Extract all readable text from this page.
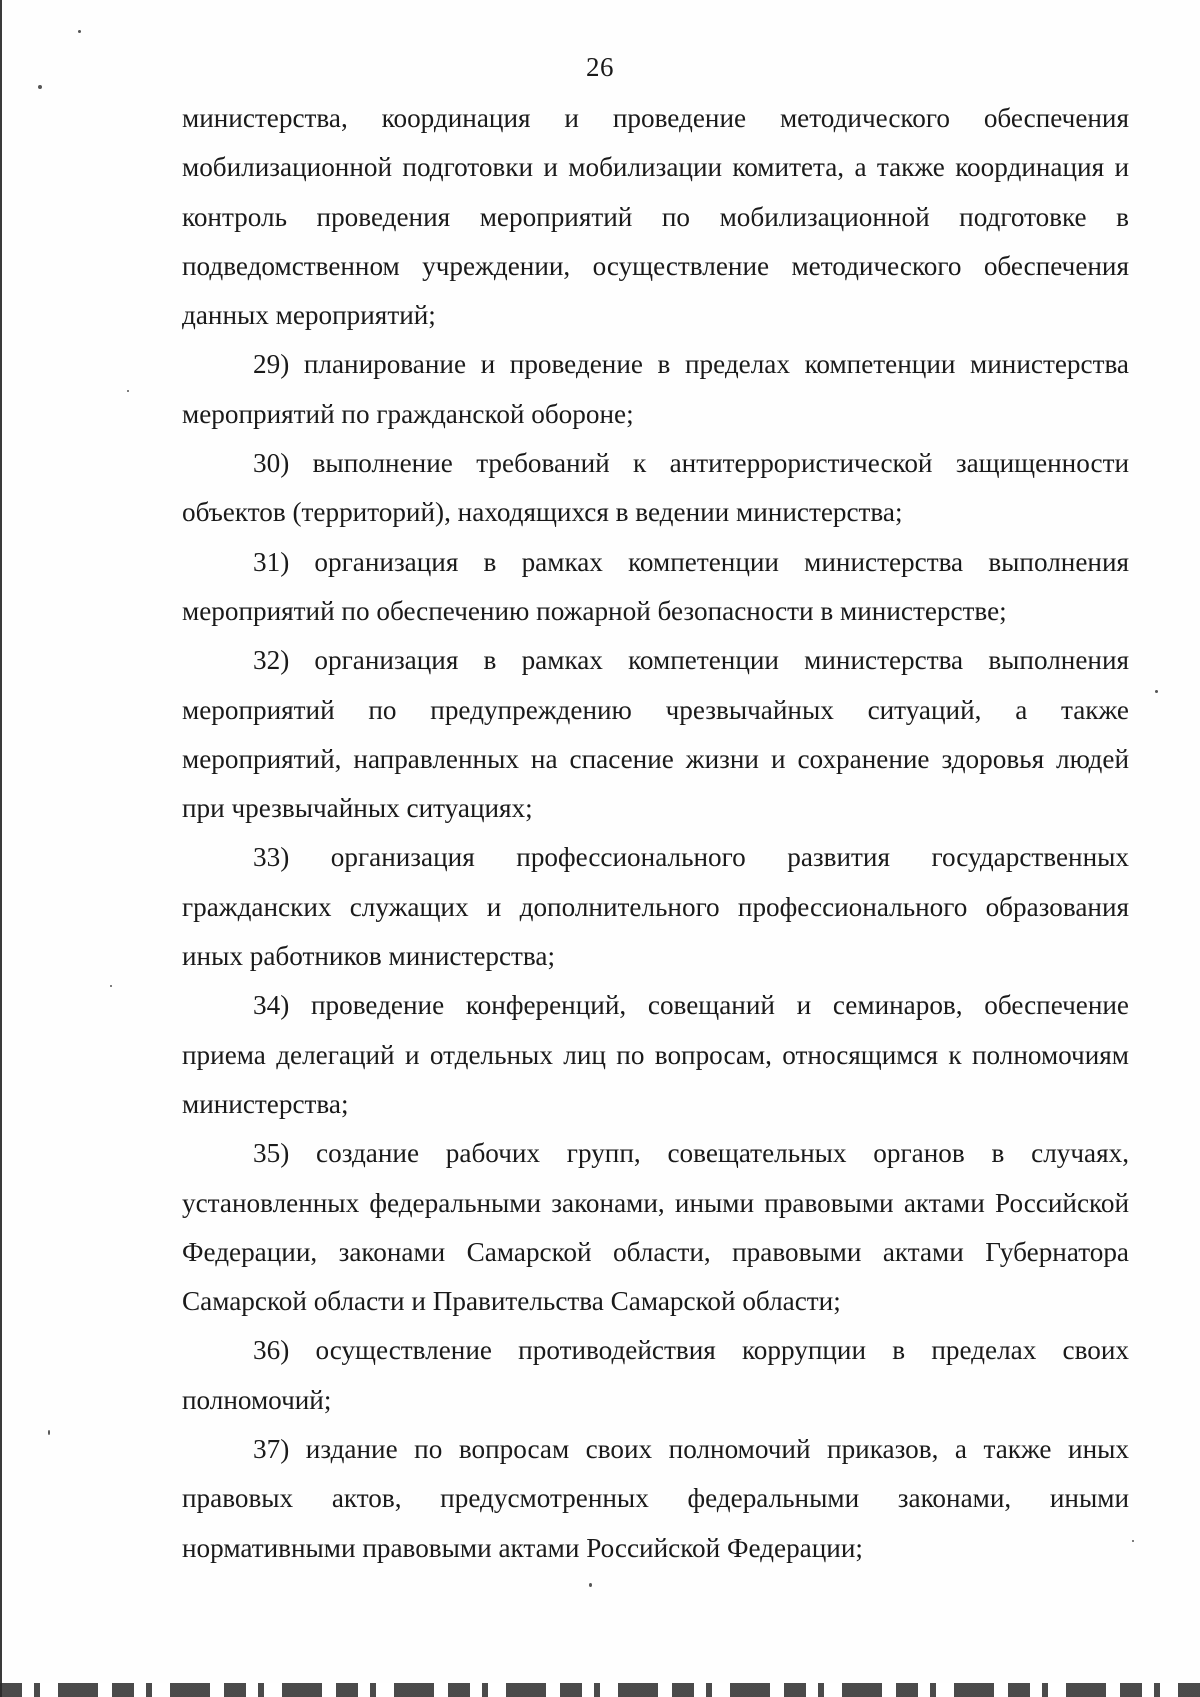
26

министерства, координация и проведение методического обеспечения мобилизационной подготовки и мобилизации комитета, а также координация и контроль проведения мероприятий по мобилизационной подготовке в подведомственном учреждении, осуществление методического обеспечения данных мероприятий;

29) планирование и проведение в пределах компетенции министерства мероприятий по гражданской обороне;

30) выполнение требований к антитеррористической защищенности объектов (территорий), находящихся в ведении министерства;

31) организация в рамках компетенции министерства выполнения мероприятий по обеспечению пожарной безопасности в министерстве;

32) организация в рамках компетенции министерства выполнения мероприятий по предупреждению чрезвычайных ситуаций, а также мероприятий, направленных на спасение жизни и сохранение здоровья людей при чрезвычайных ситуациях;

33) организация профессионального развития государственных гражданских служащих и дополнительного профессионального образования иных работников министерства;

34) проведение конференций, совещаний и семинаров, обеспечение приема делегаций и отдельных лиц по вопросам, относящимся к полномочиям министерства;

35) создание рабочих групп, совещательных органов в случаях, установленных федеральными законами, иными правовыми актами Российской Федерации, законами Самарской области, правовыми актами Губернатора Самарской области и Правительства Самарской области;

36) осуществление противодействия коррупции в пределах своих полномочий;

37) издание по вопросам своих полномочий приказов, а также иных правовых актов, предусмотренных федеральными законами, иными нормативными правовыми актами Российской Федерации;
